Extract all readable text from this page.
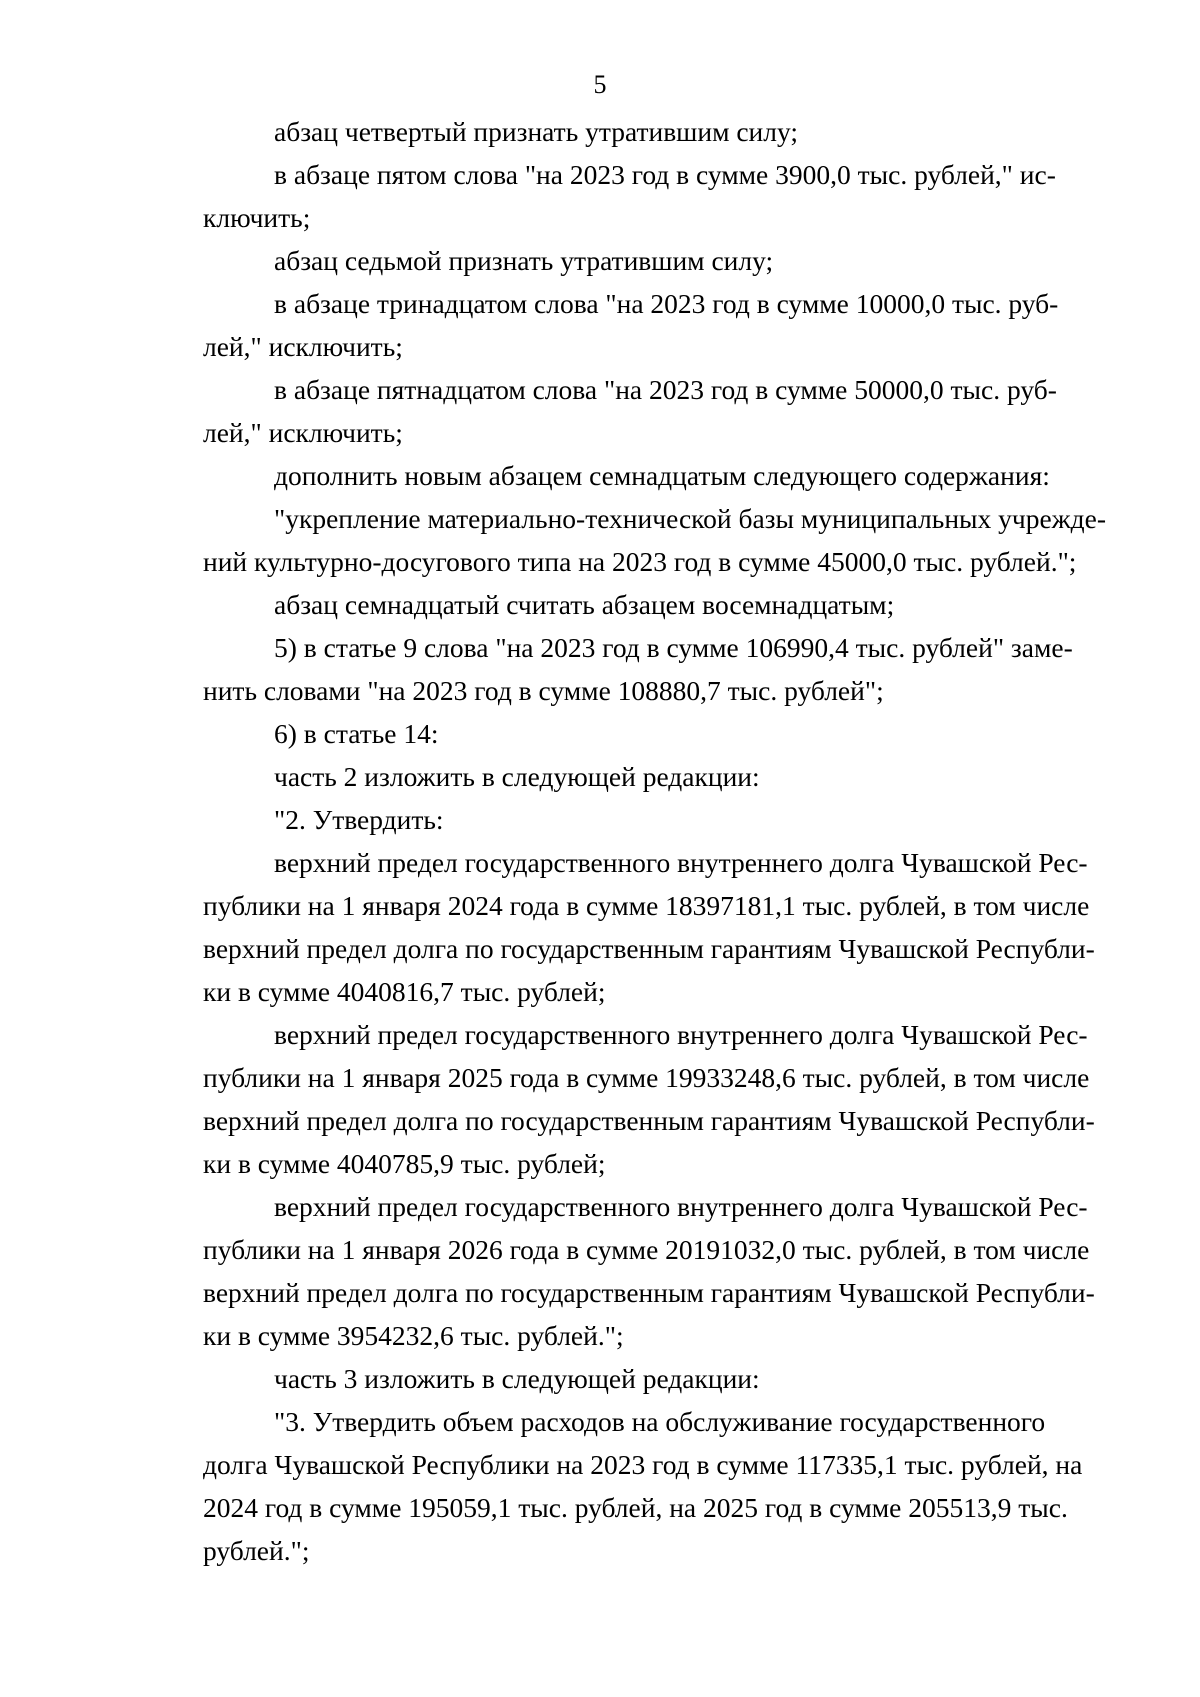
5

абзац четвертый признать утратившим силу;

в абзаце пятом слова "на 2023 год в сумме 3900,0 тыс. рублей," ис-
ключить;

абзац седьмой признать утратившим силу;

в абзаце тринадцатом слова "на 2023 год в сумме 10000,0 тыс. руб-
лей," исключить;

в абзаце пятнадцатом слова "на 2023 год в сумме 50000,0 тыс. руб-
лей," исключить;

дополнить новым абзацем семнадцатым следующего содержания:

"укрепление материально-технической базы муниципальных учрежде-
ний культурно-досугового типа на 2023 год в сумме 45000,0 тыс. рублей.";

абзац семнадцатый считать абзацем восемнадцатым;

5) в статье 9 слова "на 2023 год в сумме 106990,4 тыс. рублей" заме-
нить словами "на 2023 год в сумме 108880,7 тыс. рублей";

6) в статье 14:

часть 2 изложить в следующей редакции:

"2. Утвердить:

верхний предел государственного внутреннего долга Чувашской Рес-
публики на 1 января 2024 года в сумме 18397181,1 тыс. рублей, в том числе
верхний предел долга по государственным гарантиям Чувашской Республи-
ки в сумме 4040816,7 тыс. рублей;

верхний предел государственного внутреннего долга Чувашской Рес-
публики на 1 января 2025 года в сумме 19933248,6 тыс. рублей, в том числе
верхний предел долга по государственным гарантиям Чувашской Республи-
ки в сумме 4040785,9 тыс. рублей;

верхний предел государственного внутреннего долга Чувашской Рес-
публики на 1 января 2026 года в сумме 20191032,0 тыс. рублей, в том числе
верхний предел долга по государственным гарантиям Чувашской Республи-
ки в сумме 3954232,6 тыс. рублей.";

часть 3 изложить в следующей редакции:

"3. Утвердить объем расходов на обслуживание государственного
долга Чувашской Республики на 2023 год в сумме 117335,1 тыс. рублей, на
2024 год в сумме 195059,1 тыс. рублей, на 2025 год в сумме 205513,9 тыс.
рублей.";
